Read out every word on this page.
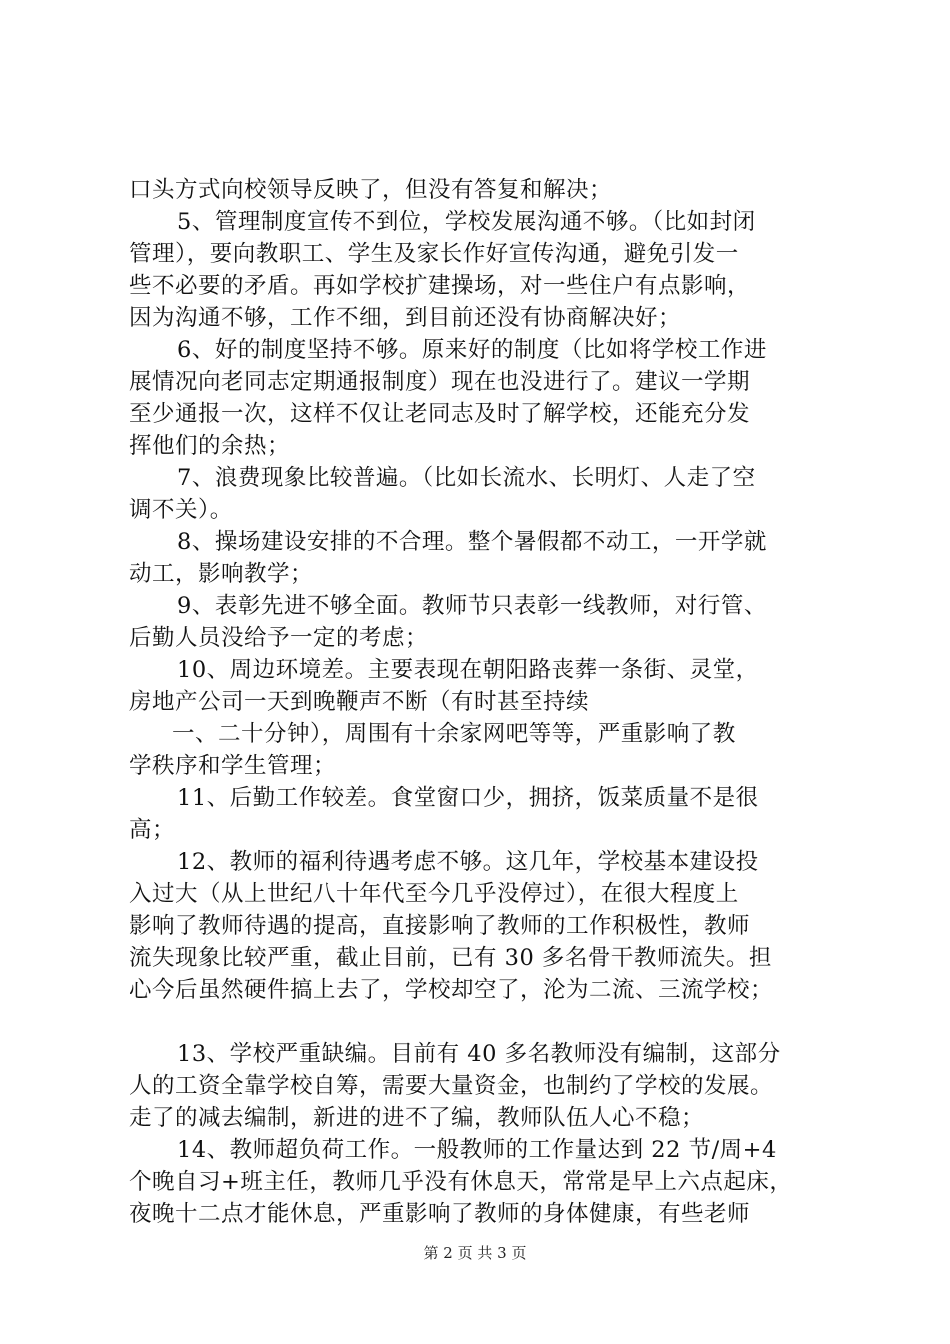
口头方式向校领导反映了，但没有答复和解决；
5、管理制度宣传不到位，学校发展沟通不够。（比如封闭
管理），要向教职工、学生及家长作好宣传沟通，避免引发一
些不必要的矛盾。再如学校扩建操场，对一些住户有点影响，
因为沟通不够，工作不细，到目前还没有协商解决好；
6、好的制度坚持不够。原来好的制度（比如将学校工作进
展情况向老同志定期通报制度）现在也没进行了。建议一学期
至少通报一次，这样不仅让老同志及时了解学校，还能充分发
挥他们的余热；
7、浪费现象比较普遍。（比如长流水、长明灯、人走了空
调不关）。
8、操场建设安排的不合理。整个暑假都不动工，一开学就
动工，影响教学；
9、表彰先进不够全面。教师节只表彰一线教师，对行管、
后勤人员没给予一定的考虑；
10、周边环境差。主要表现在朝阳路丧葬一条街、灵堂，
房地产公司一天到晚鞭声不断（有时甚至持续
一、二十分钟），周围有十余家网吧等等，严重影响了教
学秩序和学生管理；
11、后勤工作较差。食堂窗口少，拥挤，饭菜质量不是很
高；
12、教师的福利待遇考虑不够。这几年，学校基本建设投
入过大（从上世纪八十年代至今几乎没停过），在很大程度上
影响了教师待遇的提高，直接影响了教师的工作积极性，教师
流失现象比较严重，截止目前，已有 30 多名骨干教师流失。担
心今后虽然硬件搞上去了，学校却空了，沦为二流、三流学校；
13、学校严重缺编。目前有 40 多名教师没有编制，这部分
人的工资全靠学校自筹，需要大量资金，也制约了学校的发展。
走了的减去编制，新进的进不了编，教师队伍人心不稳；
14、教师超负荷工作。一般教师的工作量达到 22 节/周+4
个晚自习+班主任，教师几乎没有休息天，常常是早上六点起床，
夜晚十二点才能休息，严重影响了教师的身体健康，有些老师
第 2 页 共 3 页
